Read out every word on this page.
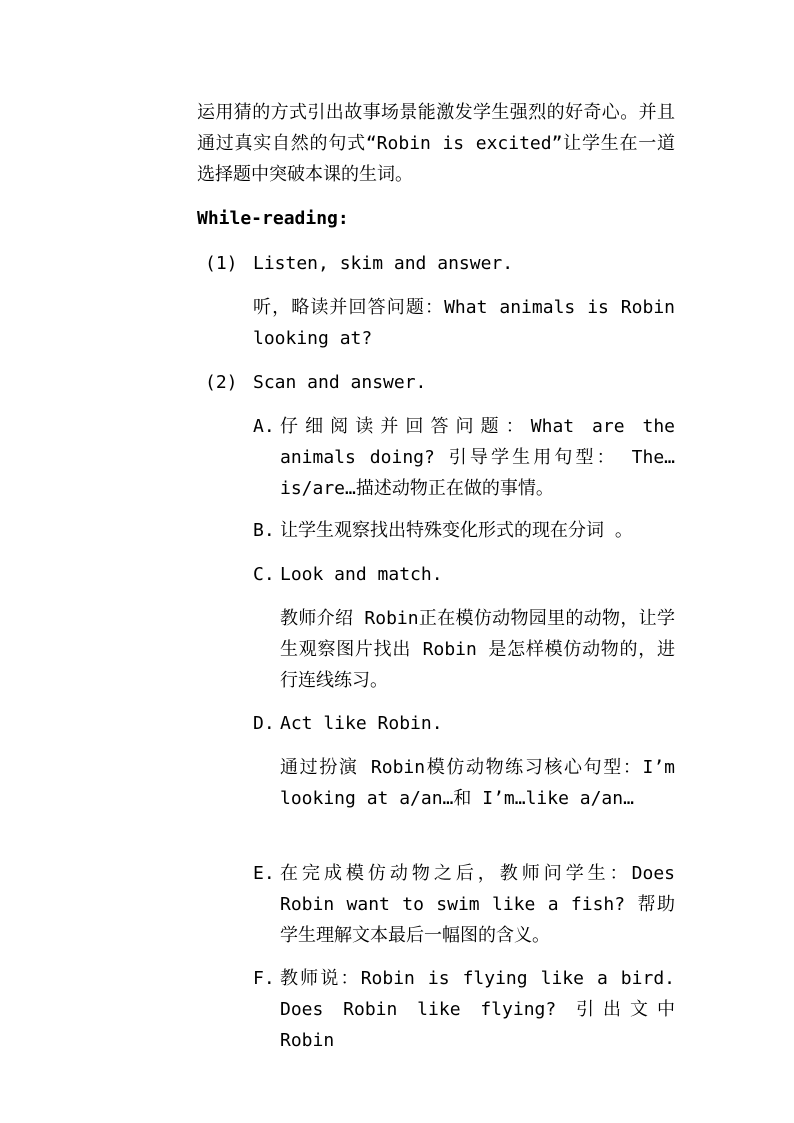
运用猜的方式引出故事场景能激发学生强烈的好奇心。并且通过真实自然的句式“Robin is excited”让学生在一道选择题中突破本课的生词。

While-reading:

(1) Listen, skim and answer.

听，略读并回答问题：What animals is Robin looking at?

(2) Scan and answer.

A. 仔细阅读并回答问题：What are the animals doing? 引导学生用句型： The…is/are…描述动物正在做的事情。

B. 让学生观察找出特殊变化形式的现在分词 。

C. Look and match.

教师介绍 Robin正在模仿动物园里的动物，让学生观察图片找出 Robin 是怎样模仿动物的，进行连线练习。

D. Act like Robin.

通过扮演 Robin模仿动物练习核心句型：I’m looking at a/an…和 I’m…like a/an…

E. 在完成模仿动物之后，教师问学生：Does Robin want to swim like a fish? 帮助学生理解文本最后一幅图的含义。

F. 教师说：Robin is flying like a bird. Does Robin like flying? 引出文中 Robin
